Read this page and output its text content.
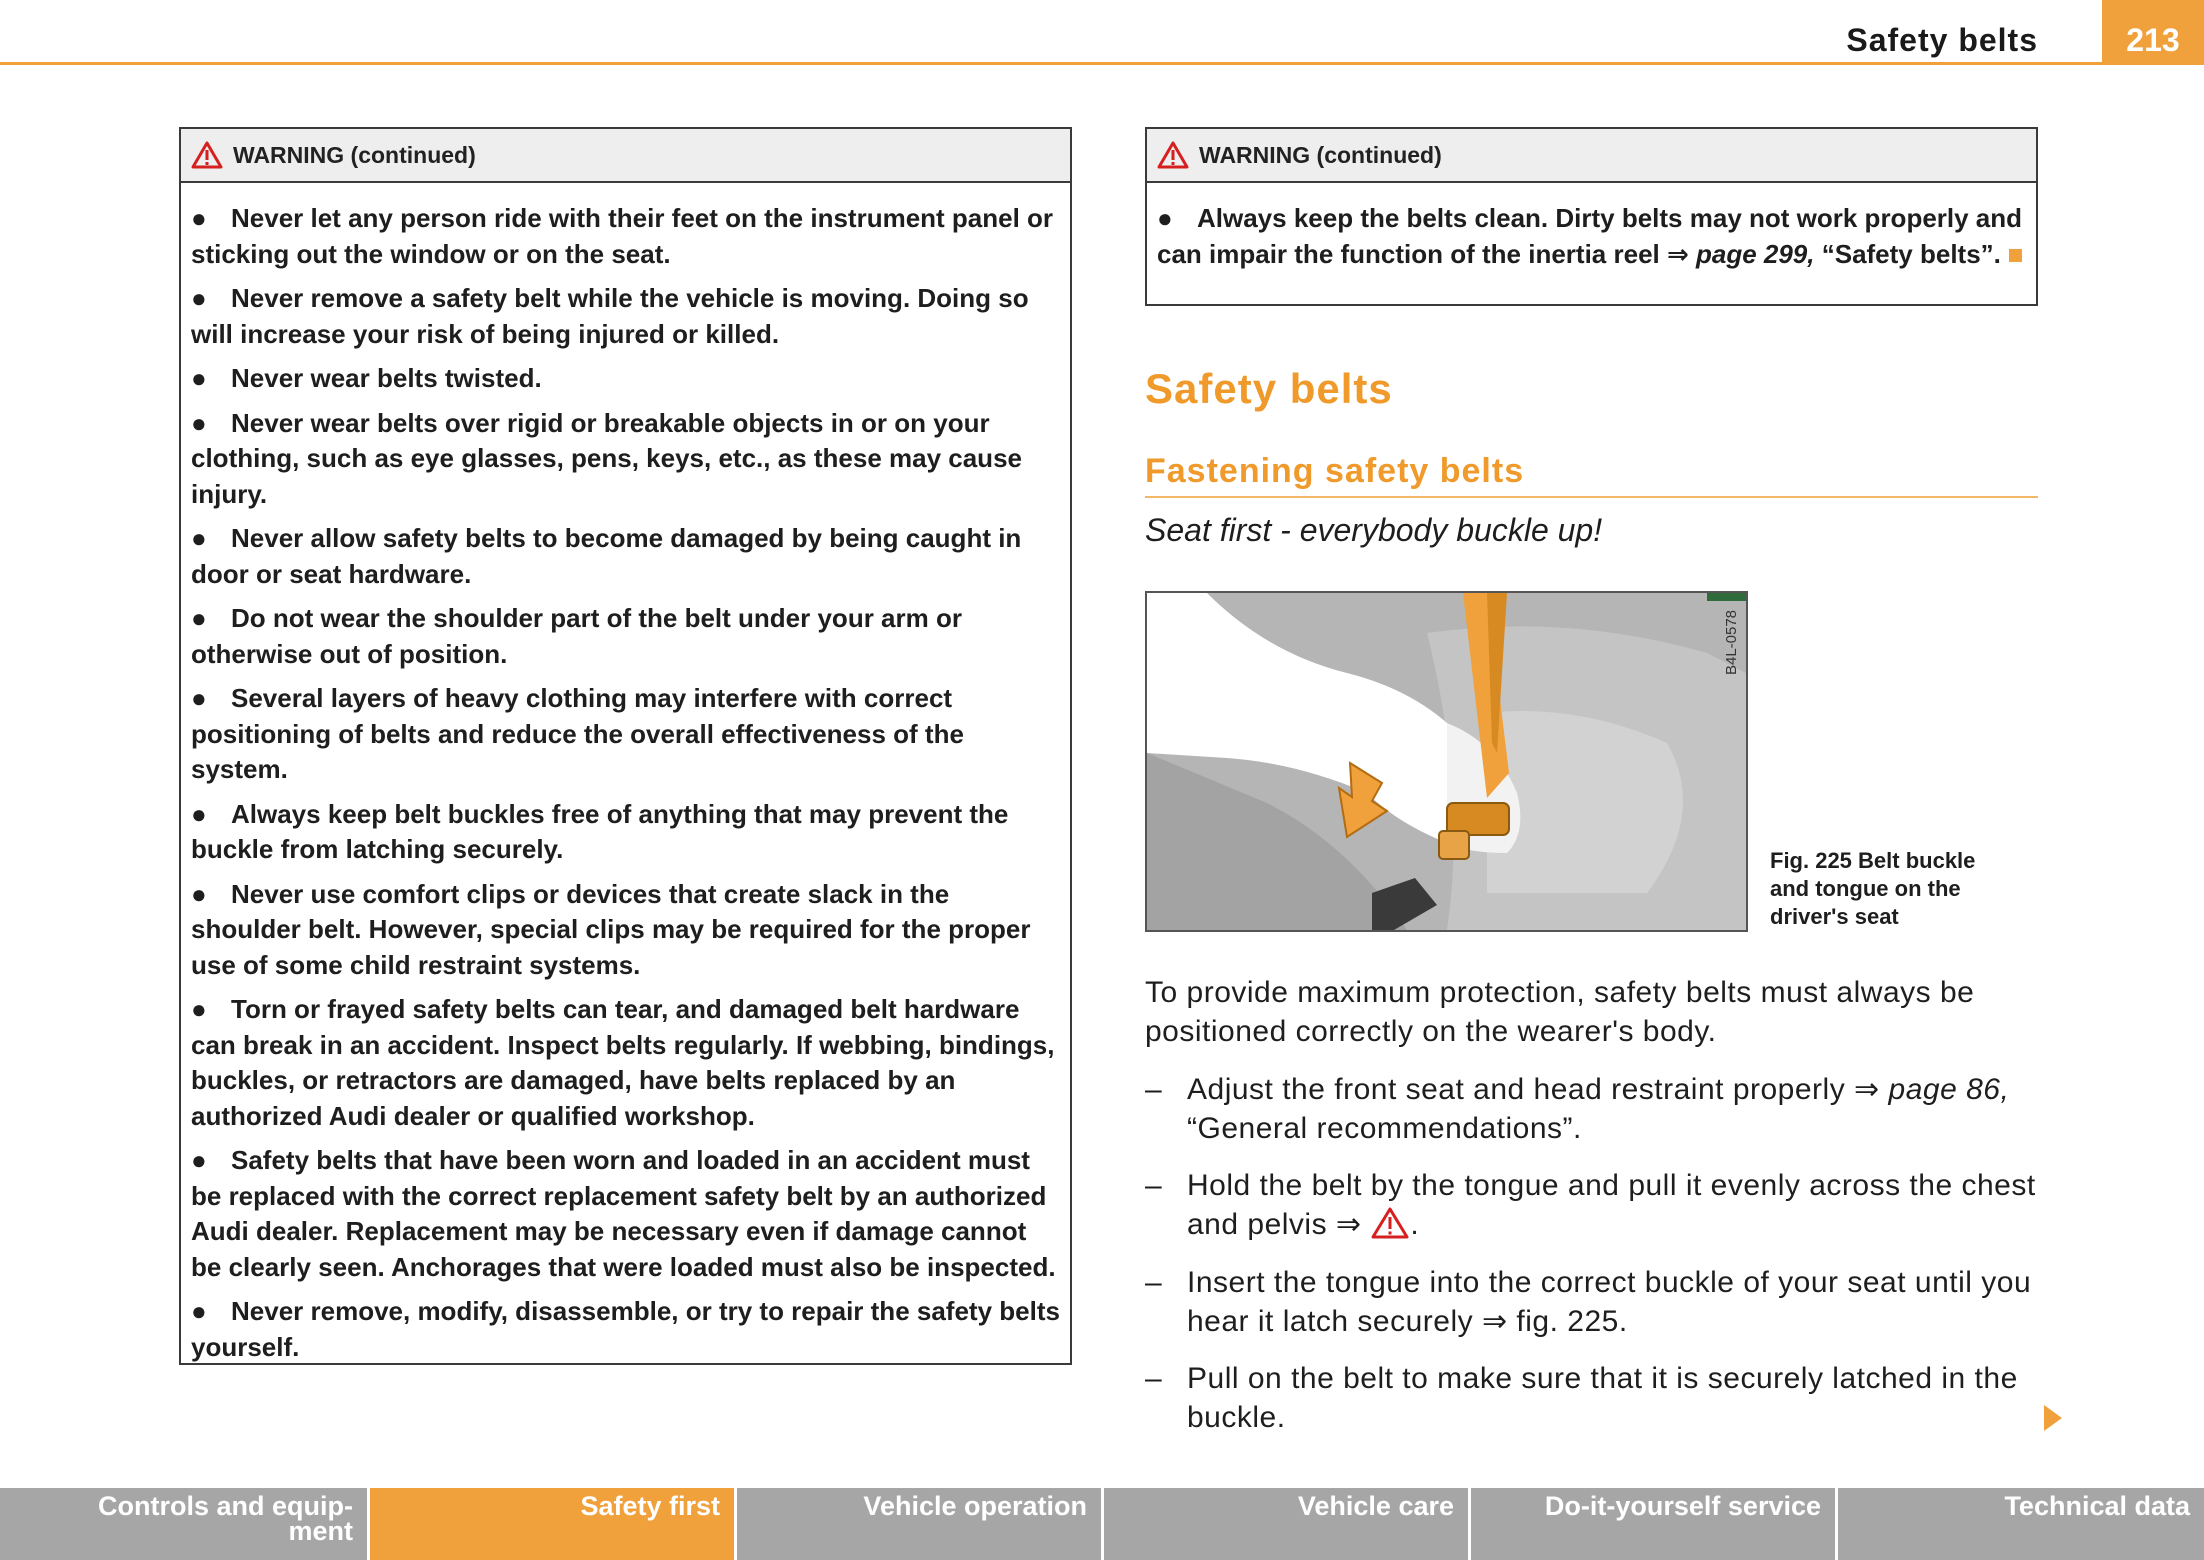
Safety belts	213
WARNING (continued)
● Never let any person ride with their feet on the instrument panel or sticking out the window or on the seat.
● Never remove a safety belt while the vehicle is moving. Doing so will increase your risk of being injured or killed.
● Never wear belts twisted.
● Never wear belts over rigid or breakable objects in or on your clothing, such as eye glasses, pens, keys, etc., as these may cause injury.
● Never allow safety belts to become damaged by being caught in door or seat hardware.
● Do not wear the shoulder part of the belt under your arm or otherwise out of position.
● Several layers of heavy clothing may interfere with correct positioning of belts and reduce the overall effectiveness of the system.
● Always keep belt buckles free of anything that may prevent the buckle from latching securely.
● Never use comfort clips or devices that create slack in the shoulder belt. However, special clips may be required for the proper use of some child restraint systems.
● Torn or frayed safety belts can tear, and damaged belt hardware can break in an accident. Inspect belts regularly. If webbing, bindings, buckles, or retractors are damaged, have belts replaced by an authorized Audi dealer or qualified workshop.
● Safety belts that have been worn and loaded in an accident must be replaced with the correct replacement safety belt by an authorized Audi dealer. Replacement may be necessary even if damage cannot be clearly seen. Anchorages that were loaded must also be inspected.
● Never remove, modify, disassemble, or try to repair the safety belts yourself.
WARNING (continued)
● Always keep the belts clean. Dirty belts may not work properly and can impair the function of the inertia reel ⇒ page 299, “Safety belts”.
Safety belts
Fastening safety belts
Seat first - everybody buckle up!
B4L-0578
Fig. 225 Belt buckle and tongue on the driver's seat
To provide maximum protection, safety belts must always be positioned correctly on the wearer's body.
– Adjust the front seat and head restraint properly ⇒ page 86, “General recommendations”.
– Hold the belt by the tongue and pull it evenly across the chest and pelvis ⇒ .
– Insert the tongue into the correct buckle of your seat until you hear it latch securely ⇒ fig. 225.
– Pull on the belt to make sure that it is securely latched in the buckle.
Controls and equip-
ment
Safety first	Vehicle operation	Vehicle care	Do-it-yourself service	Technical data
